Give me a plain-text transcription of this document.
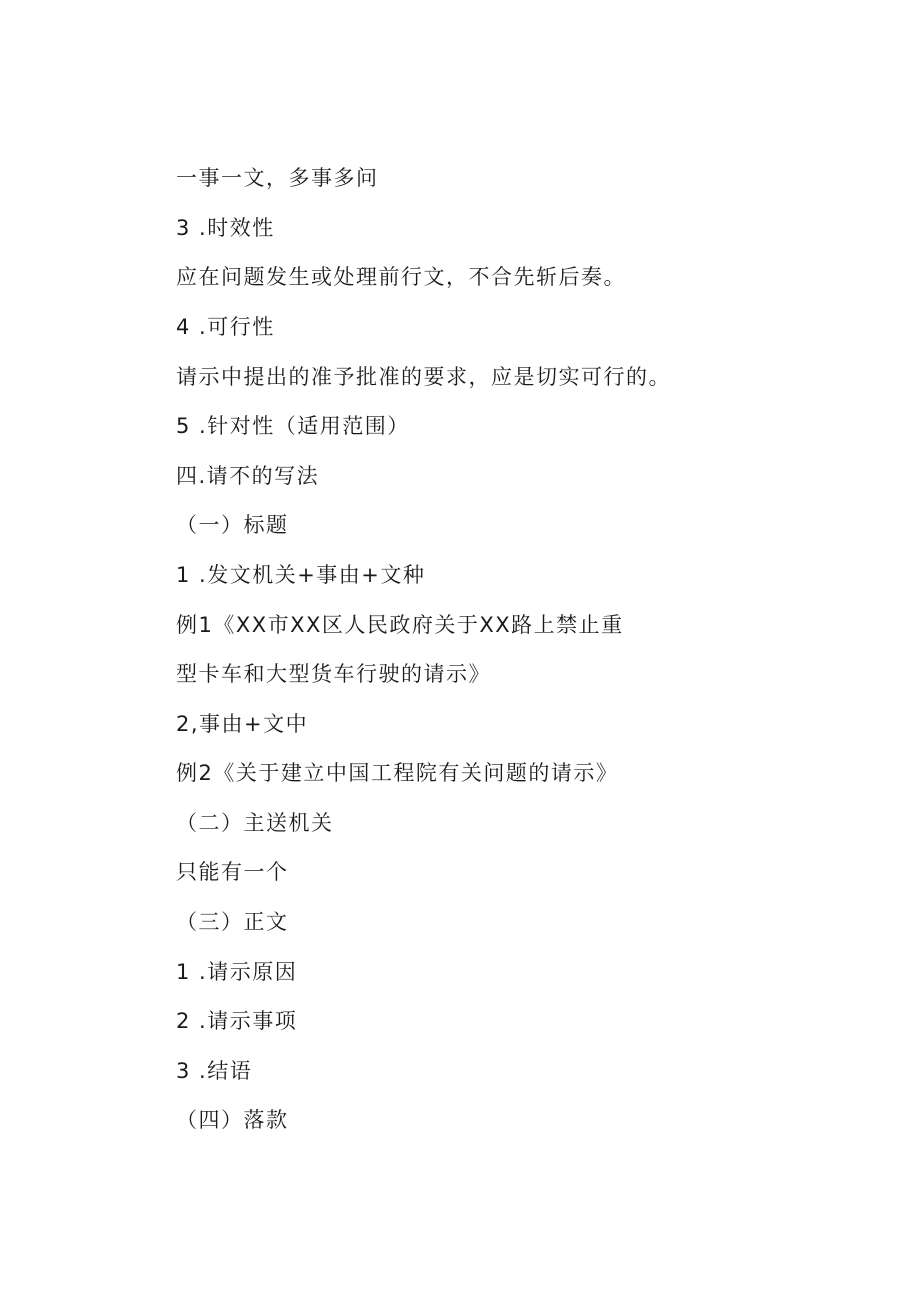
一事一文，多事多问
3 .时效性
应在问题发生或处理前行文，不合先斩后奏。
4 .可行性
请示中提出的准予批准的要求，应是切实可行的。
5 .针对性（适用范围）
四.请不的写法
（一）标题
1 .发文机关+事由+文种
例1《XX市XX区人民政府关于XX路上禁止重
型卡车和大型货车行驶的请示》
2,事由+文中
例2《关于建立中国工程院有关问题的请示》
（二）主送机关
只能有一个
（三）正文
1 .请示原因
2 .请示事项
3 .结语
（四）落款
